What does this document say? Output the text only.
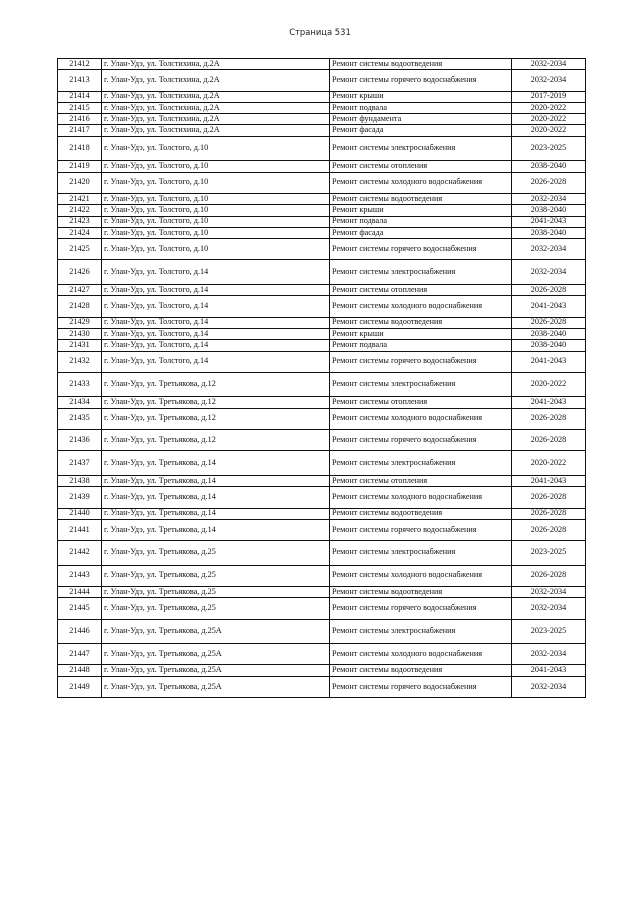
Страница 531
21412	г. Улан-Удэ, ул. Толстихина, д.2А	Ремонт системы водоотведения	2032-2034
21413	г. Улан-Удэ, ул. Толстихина, д.2А	Ремонт системы горячего водоснабжения	2032-2034
21414	г. Улан-Удэ, ул. Толстихина, д.2А	Ремонт крыши	2017-2019
21415	г. Улан-Удэ, ул. Толстихина, д.2А	Ремонт подвала	2020-2022
21416	г. Улан-Удэ, ул. Толстихина, д.2А	Ремонт фундамента	2020-2022
21417	г. Улан-Удэ, ул. Толстихина, д.2А	Ремонт фасада	2020-2022
21418	г. Улан-Удэ, ул. Толстого, д.10	Ремонт системы электроснабжения	2023-2025
21419	г. Улан-Удэ, ул. Толстого, д.10	Ремонт системы отопления	2038-2040
21420	г. Улан-Удэ, ул. Толстого, д.10	Ремонт системы холодного водоснабжения	2026-2028
21421	г. Улан-Удэ, ул. Толстого, д.10	Ремонт системы водоотведения	2032-2034
21422	г. Улан-Удэ, ул. Толстого, д.10	Ремонт крыши	2038-2040
21423	г. Улан-Удэ, ул. Толстого, д.10	Ремонт подвала	2041-2043
21424	г. Улан-Удэ, ул. Толстого, д.10	Ремонт фасада	2038-2040
21425	г. Улан-Удэ, ул. Толстого, д.10	Ремонт системы горячего водоснабжения	2032-2034
21426	г. Улан-Удэ, ул. Толстого, д.14	Ремонт системы электроснабжения	2032-2034
21427	г. Улан-Удэ, ул. Толстого, д.14	Ремонт системы отопления	2026-2028
21428	г. Улан-Удэ, ул. Толстого, д.14	Ремонт системы холодного водоснабжения	2041-2043
21429	г. Улан-Удэ, ул. Толстого, д.14	Ремонт системы водоотведения	2026-2028
21430	г. Улан-Удэ, ул. Толстого, д.14	Ремонт крыши	2038-2040
21431	г. Улан-Удэ, ул. Толстого, д.14	Ремонт подвала	2038-2040
21432	г. Улан-Удэ, ул. Толстого, д.14	Ремонт системы горячего водоснабжения	2041-2043
21433	г. Улан-Удэ, ул. Третьякова, д.12	Ремонт системы электроснабжения	2020-2022
21434	г. Улан-Удэ, ул. Третьякова, д.12	Ремонт системы отопления	2041-2043
21435	г. Улан-Удэ, ул. Третьякова, д.12	Ремонт системы холодного водоснабжения	2026-2028
21436	г. Улан-Удэ, ул. Третьякова, д.12	Ремонт системы горячего водоснабжения	2026-2028
21437	г. Улан-Удэ, ул. Третьякова, д.14	Ремонт системы электроснабжения	2020-2022
21438	г. Улан-Удэ, ул. Третьякова, д.14	Ремонт системы отопления	2041-2043
21439	г. Улан-Удэ, ул. Третьякова, д.14	Ремонт системы холодного водоснабжения	2026-2028
21440	г. Улан-Удэ, ул. Третьякова, д.14	Ремонт системы водоотведения	2026-2028
21441	г. Улан-Удэ, ул. Третьякова, д.14	Ремонт системы горячего водоснабжения	2026-2028
21442	г. Улан-Удэ, ул. Третьякова, д.25	Ремонт системы электроснабжения	2023-2025
21443	г. Улан-Удэ, ул. Третьякова, д.25	Ремонт системы холодного водоснабжения	2026-2028
21444	г. Улан-Удэ, ул. Третьякова, д.25	Ремонт системы водоотведения	2032-2034
21445	г. Улан-Удэ, ул. Третьякова, д.25	Ремонт системы горячего водоснабжения	2032-2034
21446	г. Улан-Удэ, ул. Третьякова, д.25А	Ремонт системы электроснабжения	2023-2025
21447	г. Улан-Удэ, ул. Третьякова, д.25А	Ремонт системы холодного водоснабжения	2032-2034
21448	г. Улан-Удэ, ул. Третьякова, д.25А	Ремонт системы водоотведения	2041-2043
21449	г. Улан-Удэ, ул. Третьякова, д.25А	Ремонт системы горячего водоснабжения	2032-2034
